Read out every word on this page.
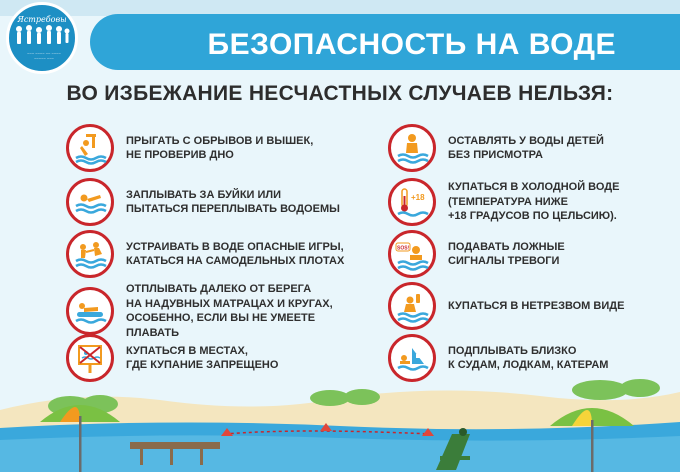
БЕЗОПАСНОСТЬ НА ВОДЕ
Ястребовы
~~~ ~~~~ ~~ ~~~~
~~~~~ ~~~
ВО ИЗБЕЖАНИЕ НЕСЧАСТНЫХ СЛУЧАЕВ НЕЛЬЗЯ:
ПРЫГАТЬ С ОБРЫВОВ И ВЫШЕК,
НЕ ПРОВЕРИВ ДНО
ЗАПЛЫВАТЬ ЗА БУЙКИ ИЛИ
ПЫТАТЬСЯ ПЕРЕПЛЫВАТЬ ВОДОЕМЫ
УСТРАИВАТЬ В ВОДЕ ОПАСНЫЕ ИГРЫ,
КАТАТЬСЯ НА САМОДЕЛЬНЫХ ПЛОТАХ
ОТПЛЫВАТЬ ДАЛЕКО ОТ БЕРЕГА
НА НАДУВНЫХ МАТРАЦАХ И КРУГАХ,
ОСОБЕННО, ЕСЛИ ВЫ НЕ УМЕЕТЕ ПЛАВАТЬ
КУПАТЬСЯ В МЕСТАХ,
ГДЕ КУПАНИЕ ЗАПРЕЩЕНО
ОСТАВЛЯТЬ У ВОДЫ ДЕТЕЙ
БЕЗ ПРИСМОТРА
+18
КУПАТЬСЯ В ХОЛОДНОЙ ВОДЕ
(ТЕМПЕРАТУРА НИЖЕ
+18 ГРАДУСОВ ПО ЦЕЛЬСИЮ).
SOS!	ПОДАВАТЬ ЛОЖНЫЕ
СИГНАЛЫ ТРЕВОГИ
КУПАТЬСЯ В НЕТРЕЗВОМ ВИДЕ
ПОДПЛЫВАТЬ БЛИЗКО
К СУДАМ, ЛОДКАМ, КАТЕРАМ
